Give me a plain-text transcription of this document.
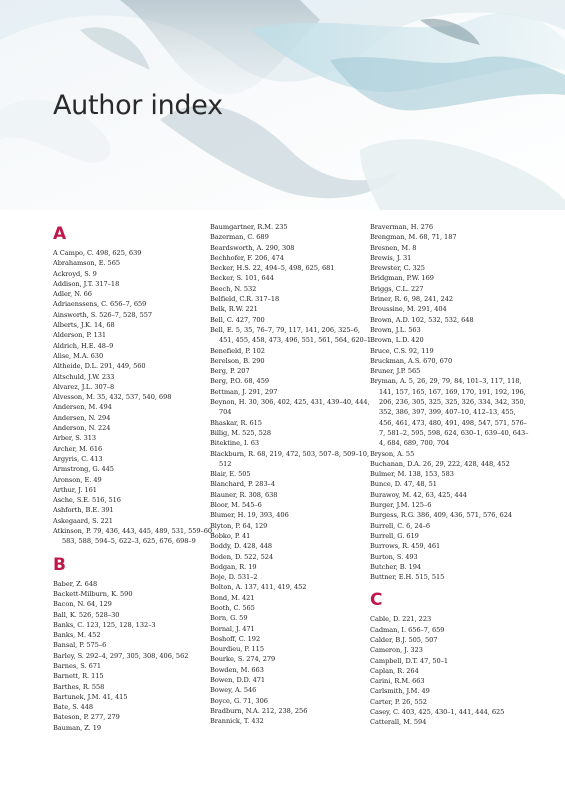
Author index
A
A Campo, C. 498, 625, 639
Abrahamson, E. 565
Ackroyd, S. 9
Addison, J.T. 317–18
Adler, N. 66
Adriaenssens, C. 656–7, 659
Ainsworth, S. 526–7, 528, 557
Alberts, J.K. 14, 68
Alderson, P. 131
Aldrich, H.E. 48–9
Alise, M.A. 630
Altheide, D.L. 291, 449, 560
Altschuld, J.W. 233
Alvarez, J.L. 307–8
Alvesson, M. 35, 432, 537, 540, 698
Andersen, M. 494
Andersen, N. 294
Anderson, N. 224
Arber, S. 313
Archer, M. 616
Argyris, C. 413
Armstrong, G. 445
Aronson, E. 49
Arthur, J. 161
Asche, S.E. 516, 516
Ashforth, B.E. 391
Askegaard, S. 221
Atkinson, P. 79, 436, 443, 445, 489, 531, 559–60, 583, 588, 594–5, 622–3, 625, 676, 698–9
B
Baber, Z. 648
Backett-Milburn, K. 590
Bacon, N. 64, 129
Ball, K. 526, 528–30
Banks, C. 123, 125, 128, 132–3
Banks, M. 452
Bansal, P. 575–6
Barley, S. 292–4, 297, 305, 308, 406, 562
Barnes, S. 671
Barnett, R. 115
Barthes, R. 558
Bartunek, J.M. 41, 415
Bate, S. 448
Bateson, P. 277, 279
Bauman, Z. 19
Baumgartner, R.M. 235
Bazerman, C. 689
Beardsworth, A. 290, 308
Bechhofer, F. 206, 474
Becker, H.S. 22, 494–5, 498, 625, 681
Becker, S. 101, 644
Beech, N. 532
Belfield, C.R. 317–18
Belk, R.W. 221
Bell, C. 427, 700
Bell, E. 5, 35, 76–7, 79, 117, 141, 206, 325–6, 451, 455, 458, 473, 496, 551, 561, 564, 620–1
Benefield, P. 102
Berelson, B. 290
Berg, P. 207
Berg, P.O. 68, 459
Bettman, J. 291, 297
Beynon, H. 30, 306, 402, 425, 431, 439–40, 444, 704
Bhaskar, R. 615
Billig, M. 525, 528
Bitektine, I. 63
Blackburn, R. 68, 219, 472, 503, 507–8, 509–10, 512
Blair, E. 505
Blanchard, P. 283–4
Blauner, R. 308, 638
Bloor, M. 545–6
Blumer, H. 19, 393, 406
Blyton, P. 64, 129
Bobko, P. 41
Boddy, D. 428, 448
Boden, D. 522, 524
Bodgan, R. 19
Boje, D. 531–2
Bolton, A. 137, 411, 419, 452
Bond, M. 421
Booth, C. 565
Born, G. 59
Bornal, J. 471
Boshoff, C. 192
Bourdieu, P. 115
Bourke, S. 274, 279
Bowden, M. 663
Bowen, D.D. 471
Bowey, A. 546
Boyce, G. 71, 306
Bradburn, N.A. 212, 238, 256
Brannick, T. 432
Braverman, H. 276
Brengman, M. 68, 71, 187
Bresnen, M. 8
Brewis, J. 31
Brewster, C. 325
Bridgman, P.W. 169
Briggs, C.L. 227
Briner, R. 6, 98, 241, 242
Broussine, M. 291, 404
Brown, A.D. 102, 532, 532, 648
Brown, J.L. 563
Brown, L.D. 420
Bruce, C.S. 92, 119
Bruckman, A.S. 670, 670
Bruner, J.P. 565
Bryman, A. 5, 26, 29, 79, 84, 101–3, 117, 118, 141, 157, 165, 167, 169, 170, 191, 192, 196, 206, 236, 305, 325, 325, 326, 334, 342, 350, 352, 386, 397, 399, 407–10, 412–13, 455, 456, 461, 473, 480, 491, 498, 547, 571, 576–7, 581–2, 595, 598, 624, 630–1, 639–40, 643–4, 684, 689, 700, 704
Bryson, A. 55
Buchanan, D.A. 26, 29, 222, 428, 448, 452
Bulmer, M. 138, 153, 583
Bunce, D. 47, 48, 51
Burawoy, M. 42, 63, 425, 444
Burger, J.M. 125–6
Burgess, R.G. 386, 409, 436, 571, 576, 624
Burrell, C. 6, 24–6
Burrell, G. 619
Burrows, R. 459, 461
Burton, S. 493
Butcher, B. 194
Buttner, E.H. 515, 515
C
Cable, D. 221, 223
Cadman, I. 656–7, 659
Calder, B.J. 505, 507
Cameron, J. 323
Campbell, D.T. 47, 50–1
Caplan, R. 264
Carini, R.M. 663
Carlsmith, J.M. 49
Carter, P. 26, 552
Casey, C. 403, 425, 430–1, 441, 444, 625
Catterall, M. 594
